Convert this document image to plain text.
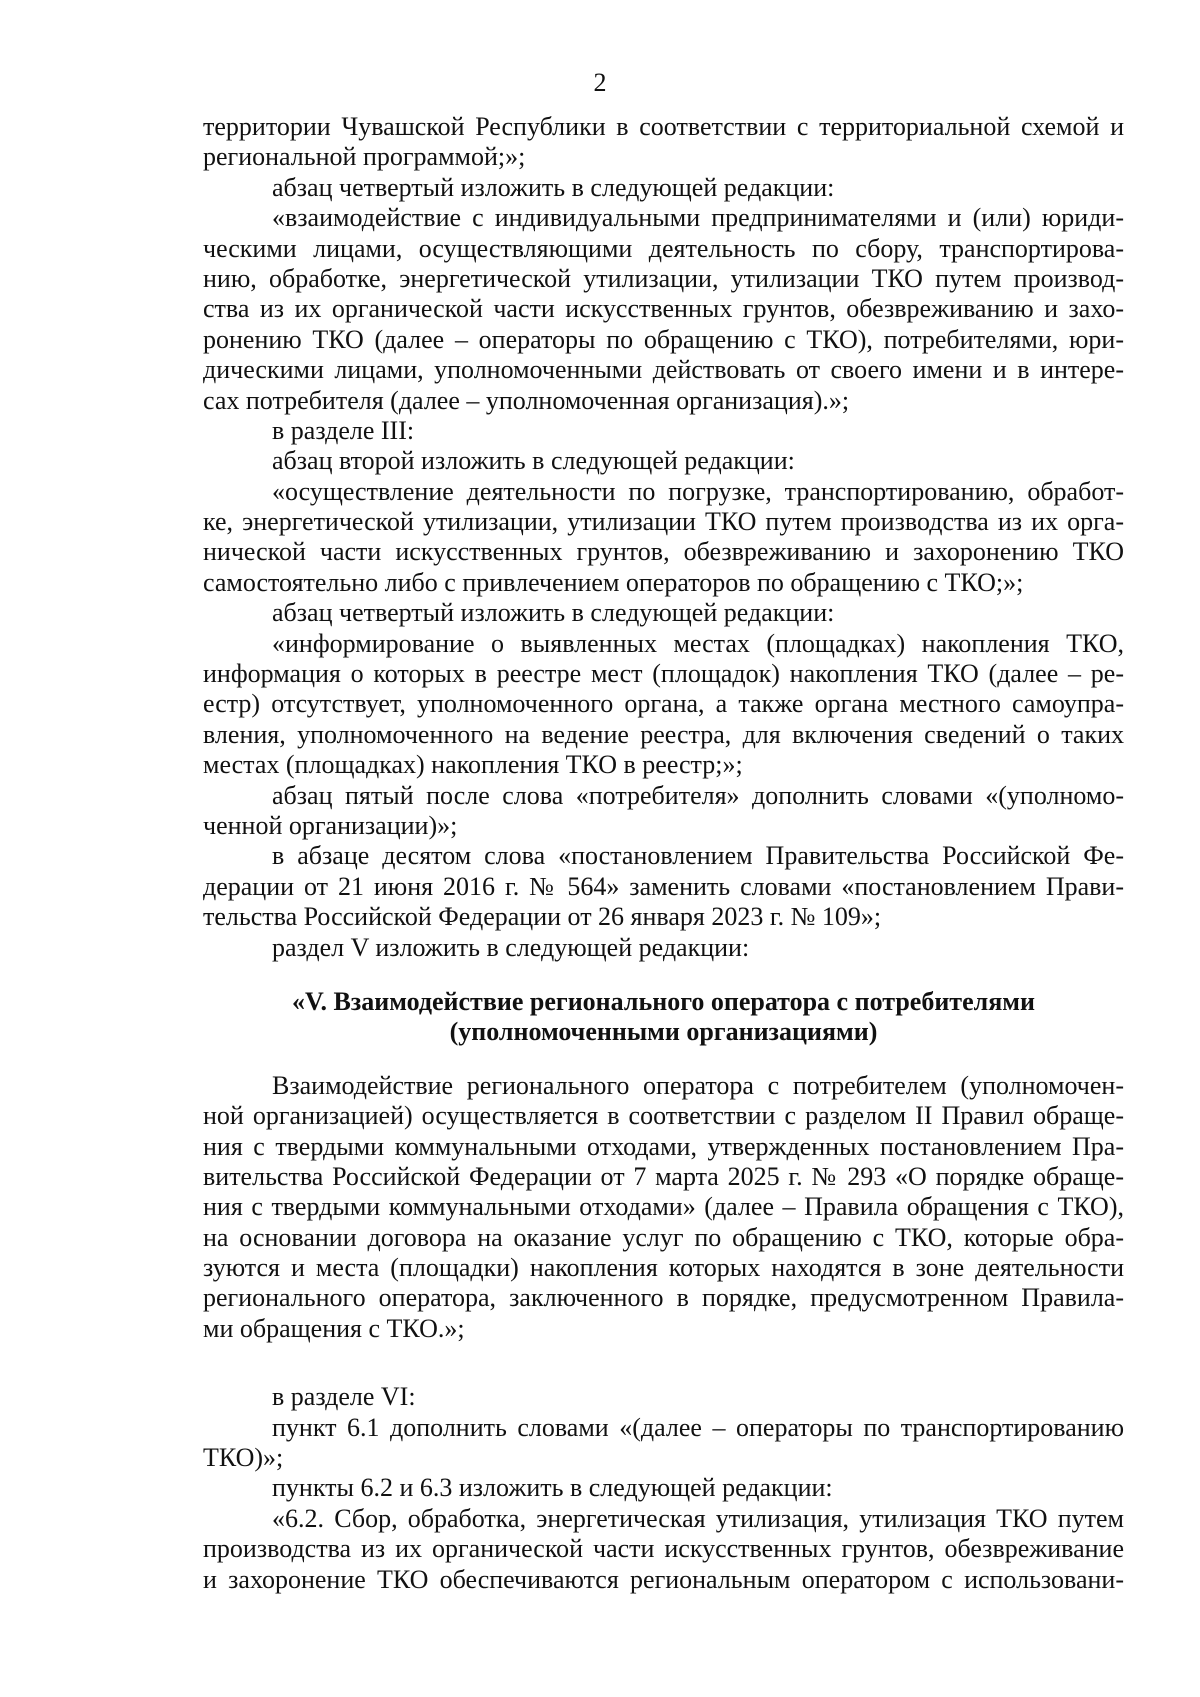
2
территории Чувашской Республики в соответствии с территориальной схемой и
региональной программой;»;
абзац четвертый изложить в следующей редакции:
«взаимодействие с индивидуальными предпринимателями и (или) юриди-
ческими лицами, осуществляющими деятельность по сбору, транспортирова-
нию, обработке, энергетической утилизации, утилизации ТКО путем производ-
ства из их органической части искусственных грунтов, обезвреживанию и захо-
ронению ТКО (далее – операторы по обращению с ТКО), потребителями, юри-
дическими лицами, уполномоченными действовать от своего имени и в интере-
сах потребителя (далее – уполномоченная организация).»;
в разделе III:
абзац второй изложить в следующей редакции:
«осуществление деятельности по погрузке, транспортированию, обработ-
ке, энергетической утилизации, утилизации ТКО путем производства из их орга-
нической части искусственных грунтов, обезвреживанию и захоронению ТКО
самостоятельно либо с привлечением операторов по обращению с ТКО;»;
абзац четвертый изложить в следующей редакции:
«информирование о выявленных местах (площадках) накопления ТКО,
информация о которых в реестре мест (площадок) накопления ТКО (далее – ре-
естр) отсутствует, уполномоченного органа, а также органа местного самоупра-
вления, уполномоченного на ведение реестра, для включения сведений о таких
местах (площадках) накопления ТКО в реестр;»;
абзац пятый после слова «потребителя» дополнить словами «(уполномо-
ченной организации)»;
в абзаце десятом слова «постановлением Правительства Российской Фе-
дерации от 21 июня 2016 г. № 564» заменить словами «постановлением Прави-
тельства Российской Федерации от 26 января 2023 г. № 109»;
раздел V изложить в следующей редакции:
«V. Взаимодействие регионального оператора с потребителями
(уполномоченными организациями)
Взаимодействие регионального оператора с потребителем (уполномочен-
ной организацией) осуществляется в соответствии с разделом II Правил обраще-
ния с твердыми коммунальными отходами, утвержденных постановлением Пра-
вительства Российской Федерации от 7 марта 2025 г. № 293 «О порядке обраще-
ния с твердыми коммунальными отходами» (далее – Правила обращения с ТКО),
на основании договора на оказание услуг по обращению с ТКО, которые обра-
зуются и места (площадки) накопления которых находятся в зоне деятельности
регионального оператора, заключенного в порядке, предусмотренном Правила-
ми обращения с ТКО.»;
в разделе VI:
пункт 6.1 дополнить словами «(далее – операторы по транспортированию
ТКО)»;
пункты 6.2 и 6.3 изложить в следующей редакции:
«6.2. Сбор, обработка, энергетическая утилизация, утилизация ТКО путем
производства из их органической части искусственных грунтов, обезвреживание
и захоронение ТКО обеспечиваются региональным оператором с использовани-
